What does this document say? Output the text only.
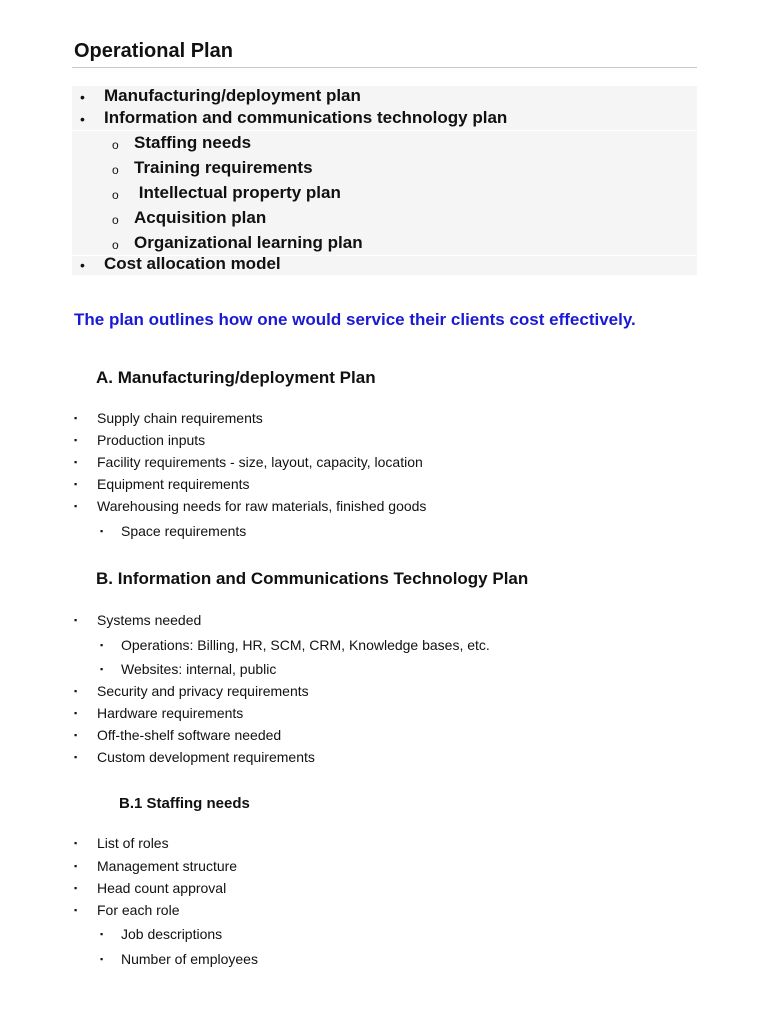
Operational Plan
• Manufacturing/deployment plan
• Information and communications technology plan
o Staffing needs
o Training requirements
o Intellectual property plan
o Acquisition plan
o Organizational learning plan
• Cost allocation model
The plan outlines how one would service their clients cost effectively.
A. Manufacturing/deployment Plan
▪ Supply chain requirements
▪ Production inputs
▪ Facility requirements - size, layout, capacity, location
▪ Equipment requirements
▪ Warehousing needs for raw materials, finished goods
▪ Space requirements
B. Information and Communications Technology Plan
▪ Systems needed
▪ Operations: Billing, HR, SCM, CRM, Knowledge bases, etc.
▪ Websites: internal, public
▪ Security and privacy requirements
▪ Hardware requirements
▪ Off-the-shelf software needed
▪ Custom development requirements
B.1 Staffing needs
▪ List of roles
▪ Management structure
▪ Head count approval
▪ For each role
▪ Job descriptions
▪ Number of employees
